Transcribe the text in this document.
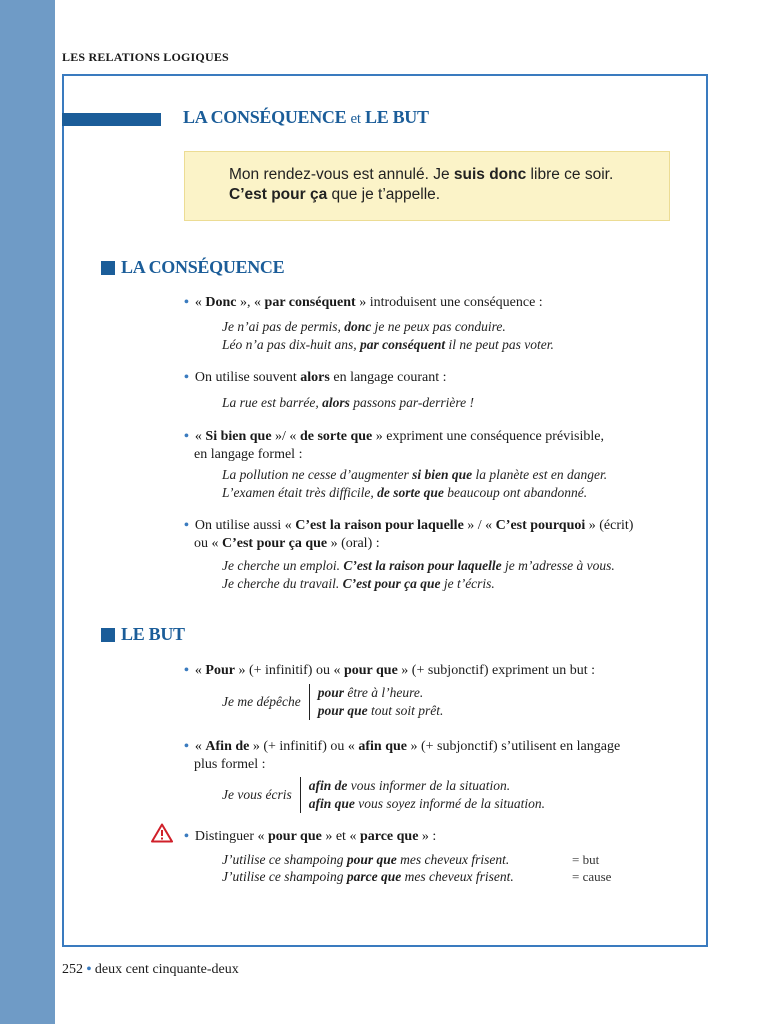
LES RELATIONS LOGIQUES
LA CONSÉQUENCE et LE BUT
Mon rendez-vous est annulé. Je suis donc libre ce soir.
C’est pour ça que je t’appelle.
LA CONSÉQUENCE
• « Donc », « par conséquent » introduisent une conséquence :
Je n’ai pas de permis, donc je ne peux pas conduire.
Léo n’a pas dix-huit ans, par conséquent il ne peut pas voter.
• On utilise souvent alors en langage courant :
La rue est barrée, alors passons par-derrière !
• « Si bien que »/ « de sorte que » expriment une conséquence prévisible,
en langage formel :
La pollution ne cesse d’augmenter si bien que la planète est en danger.
L’examen était très difficile, de sorte que beaucoup ont abandonné.
• On utilise aussi « C’est la raison pour laquelle » / « C’est pourquoi » (écrit)
ou « C’est pour ça que » (oral) :
Je cherche un emploi. C’est la raison pour laquelle je m’adresse à vous.
Je cherche du travail. C’est pour ça que je t’écris.
LE BUT
• « Pour » (+ infinitif) ou « pour que » (+ subjonctif) expriment un but :
Je me dépêche
pour être à l’heure.
pour que tout soit prêt.
• « Afin de » (+ infinitif) ou « afin que » (+ subjonctif) s’utilisent en langage
plus formel :
Je vous écris
afin de vous informer de la situation.
afin que vous soyez informé de la situation.
• Distinguer « pour que » et « parce que » :
J’utilise ce shampoing pour que mes cheveux frisent.	= but
J’utilise ce shampoing parce que mes cheveux frisent.	= cause
252 • deux cent cinquante-deux
